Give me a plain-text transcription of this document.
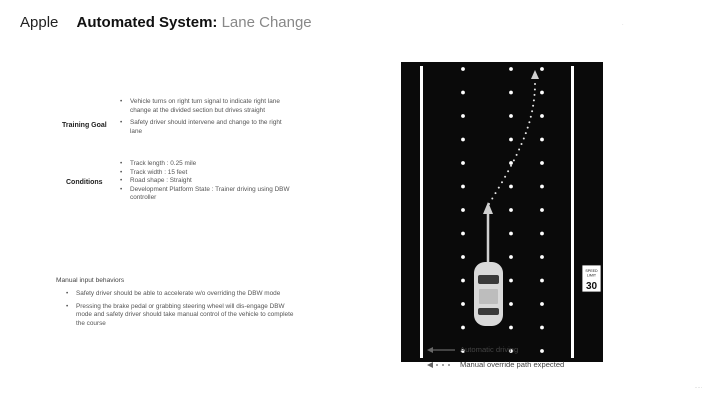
Apple Automated System: Lane Change	·
Training Goal
• Vehicle turns on right turn signal to indicate right lane change at the divided section but drives straight
• Safety driver should intervene and change to the right lane
Conditions
• Track length : 0.25 mile
• Track width : 15 feet
• Road shape : Straight
• Development Platform State : Trainer driving using DBW controller
Manual input behaviors
• Safety driver should be able to accelerate w/o overriding the DBW mode
• Pressing the brake pedal or grabbing steering wheel will dis-engage DBW mode and safety driver should take manual control of the vehicle to complete the course
SPEED
LIMIT
30
Automatic driving
Manual override path expected
·····
